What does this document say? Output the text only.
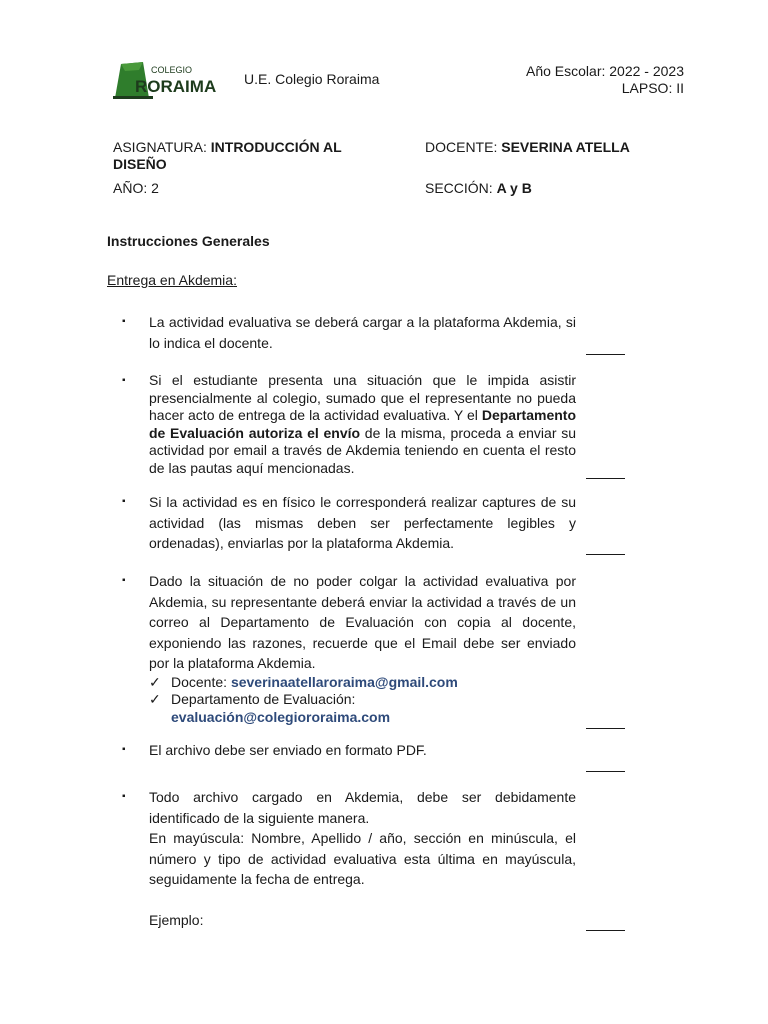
COLEGIO
RORAIMA U.E. Colegio Roraima	Año Escolar: 2022 - 2023
LAPSO: II
ASIGNATURA: INTRODUCCIÓN AL
DISEÑO
DOCENTE: SEVERINA ATELLA
AÑO: 2	SECCIÓN: A y B
Instrucciones Generales
Entrega en Akdemia:
▪ La actividad evaluativa se deberá cargar a la plataforma Akdemia, si lo indica el docente.
▪ Si el estudiante presenta una situación que le impida asistir presencialmente al colegio, sumado que el representante no pueda hacer acto de entrega de la actividad evaluativa. Y el Departamento de Evaluación autoriza el envío de la misma, proceda a enviar su actividad por email a través de Akdemia teniendo en cuenta el resto de las pautas aquí mencionadas.
▪ Si la actividad es en físico le corresponderá realizar captures de su actividad (las mismas deben ser perfectamente legibles y ordenadas), enviarlas por la plataforma Akdemia.
▪ Dado la situación de no poder colgar la actividad evaluativa por Akdemia, su representante deberá enviar la actividad a través de un correo al Departamento de Evaluación con copia al docente, exponiendo las razones, recuerde que el Email debe ser enviado por la plataforma Akdemia.
✓ Docente: severinaatellaroraima@gmail.com
✓ Departamento de Evaluación:
evaluación@colegiororaima.com
▪ El archivo debe ser enviado en formato PDF.
▪ Todo archivo cargado en Akdemia, debe ser debidamente identificado de la siguiente manera.
En mayúscula: Nombre, Apellido / año, sección en minúscula, el número y tipo de actividad evaluativa esta última en mayúscula, seguidamente la fecha de entrega.
Ejemplo:
